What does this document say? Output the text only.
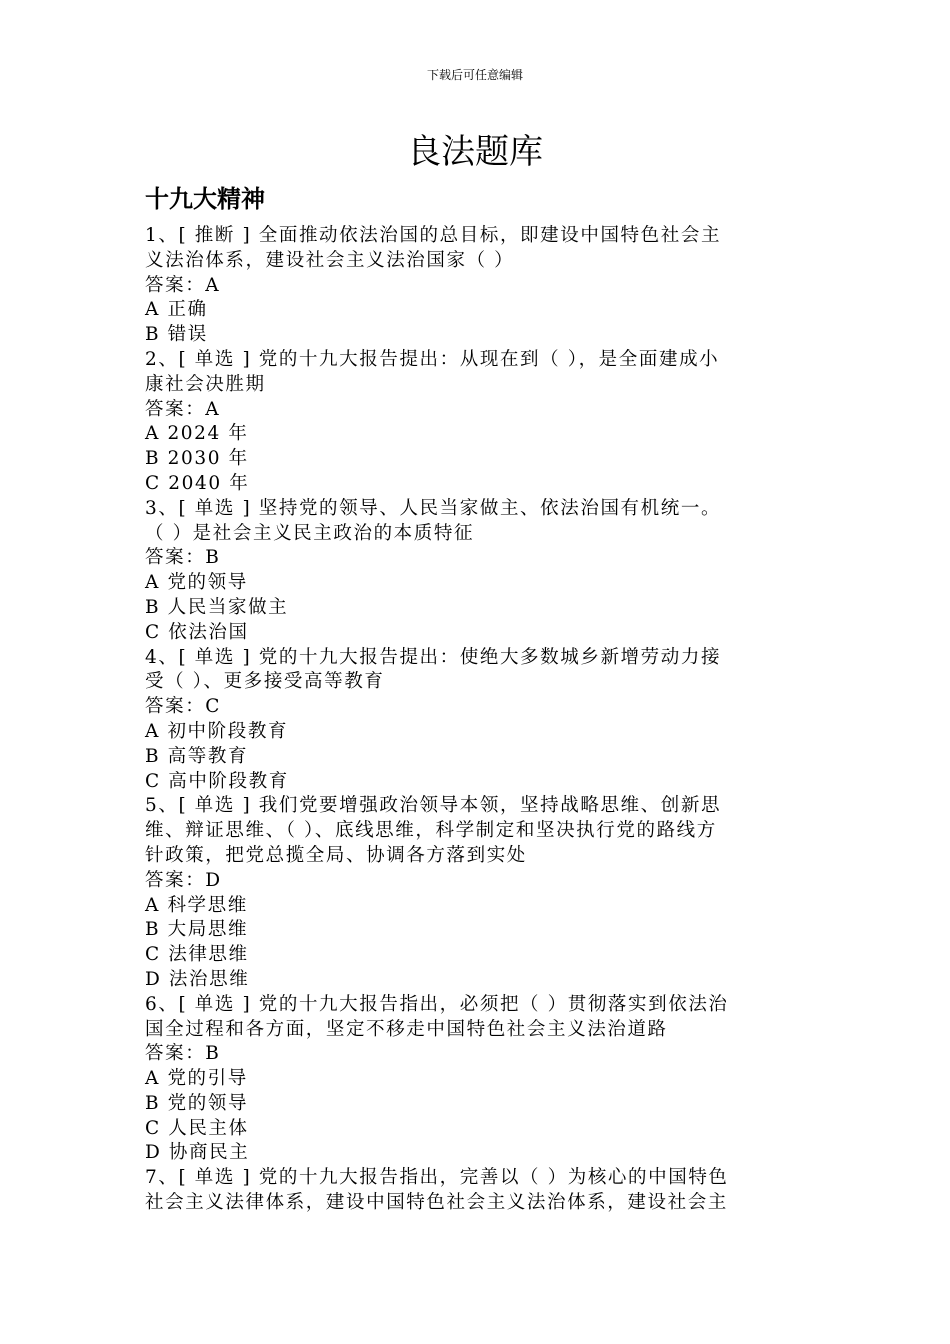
下载后可任意编辑
良法题库
十九大精神
1、[ 推断 ] 全面推动依法治国的总目标，即建设中国特色社会主
义法治体系，建设社会主义法治国家（ ）
答案：A
A 正确
B 错误
2、[ 单选 ] 党的十九大报告提出：从现在到（ ），是全面建成小
康社会决胜期
答案：A
A 2024 年
B 2030 年
C 2040 年
3、[ 单选 ] 坚持党的领导、人民当家做主、依法治国有机统一。
（ ）是社会主义民主政治的本质特征
答案：B
A 党的领导
B 人民当家做主
C 依法治国
4、[ 单选 ] 党的十九大报告提出：使绝大多数城乡新增劳动力接
受（ ）、更多接受高等教育
答案：C
A 初中阶段教育
B 高等教育
C 高中阶段教育
5、[ 单选 ] 我们党要增强政治领导本领，坚持战略思维、创新思
维、辩证思维、（ ）、底线思维，科学制定和坚决执行党的路线方
针政策，把党总揽全局、协调各方落到实处
答案：D
A 科学思维
B 大局思维
C 法律思维
D 法治思维
6、[ 单选 ] 党的十九大报告指出，必须把（ ）贯彻落实到依法治
国全过程和各方面，坚定不移走中国特色社会主义法治道路
答案：B
A 党的引导
B 党的领导
C 人民主体
D 协商民主
7、[ 单选 ] 党的十九大报告指出，完善以（ ）为核心的中国特色
社会主义法律体系，建设中国特色社会主义法治体系，建设社会主
